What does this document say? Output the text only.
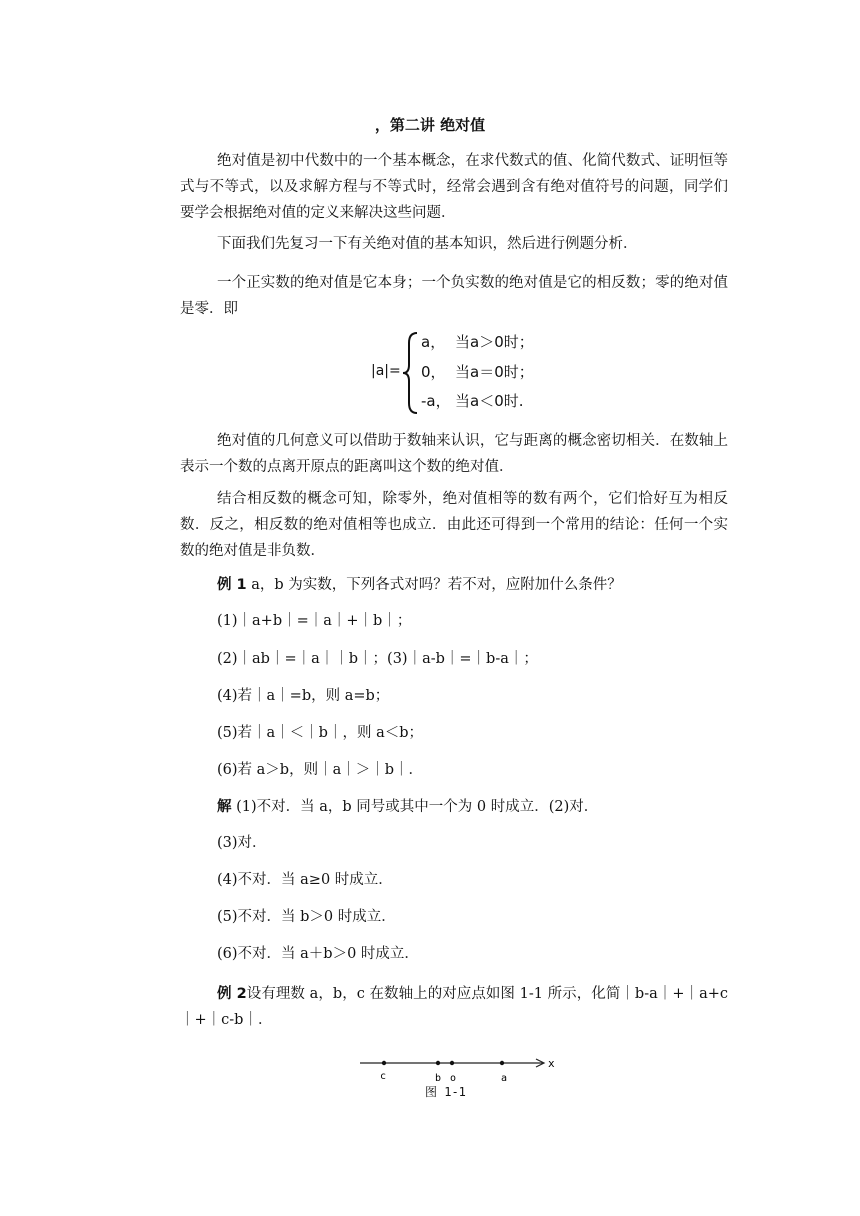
，第二讲 绝对值

绝对值是初中代数中的一个基本概念，在求代数式的值、化简代数式、证明恒等式与不等式，以及求解方程与不等式时，经常会遇到含有绝对值符号的问题，同学们要学会根据绝对值的定义来解决这些问题．

下面我们先复习一下有关绝对值的基本知识，然后进行例题分析．

一个正实数的绝对值是它本身；一个负实数的绝对值是它的相反数；零的绝对值是零．即

|a|=
a， 当a＞0时；
0， 当a＝0时；
-a， 当a＜0时.

绝对值的几何意义可以借助于数轴来认识，它与距离的概念密切相关．在数轴上表示一个数的点离开原点的距离叫这个数的绝对值．

结合相反数的概念可知，除零外，绝对值相等的数有两个，它们恰好互为相反数．反之，相反数的绝对值相等也成立．由此还可得到一个常用的结论：任何一个实数的绝对值是非负数．

例 1 a，b 为实数，下列各式对吗？若不对，应附加什么条件？
(1)｜a+b｜=｜a｜+｜b｜；
(2)｜ab｜=｜a｜｜b｜；(3)｜a-b｜=｜b-a｜；
(4)若｜a｜=b，则 a=b；
(5)若｜a｜＜｜b｜，则 a＜b；
(6)若 a＞b，则｜a｜＞｜b｜．
解 (1)不对．当 a，b 同号或其中一个为 0 时成立．(2)对．
(3)对．
(4)不对．当 a≥0 时成立．
(5)不对．当 b＞0 时成立．
(6)不对．当 a＋b＞0 时成立．

例 2设有理数 a，b，c 在数轴上的对应点如图 1-1 所示，化简｜b-a｜+｜a+c｜+｜c-b｜．

x
c	b o	a
图 1-1
